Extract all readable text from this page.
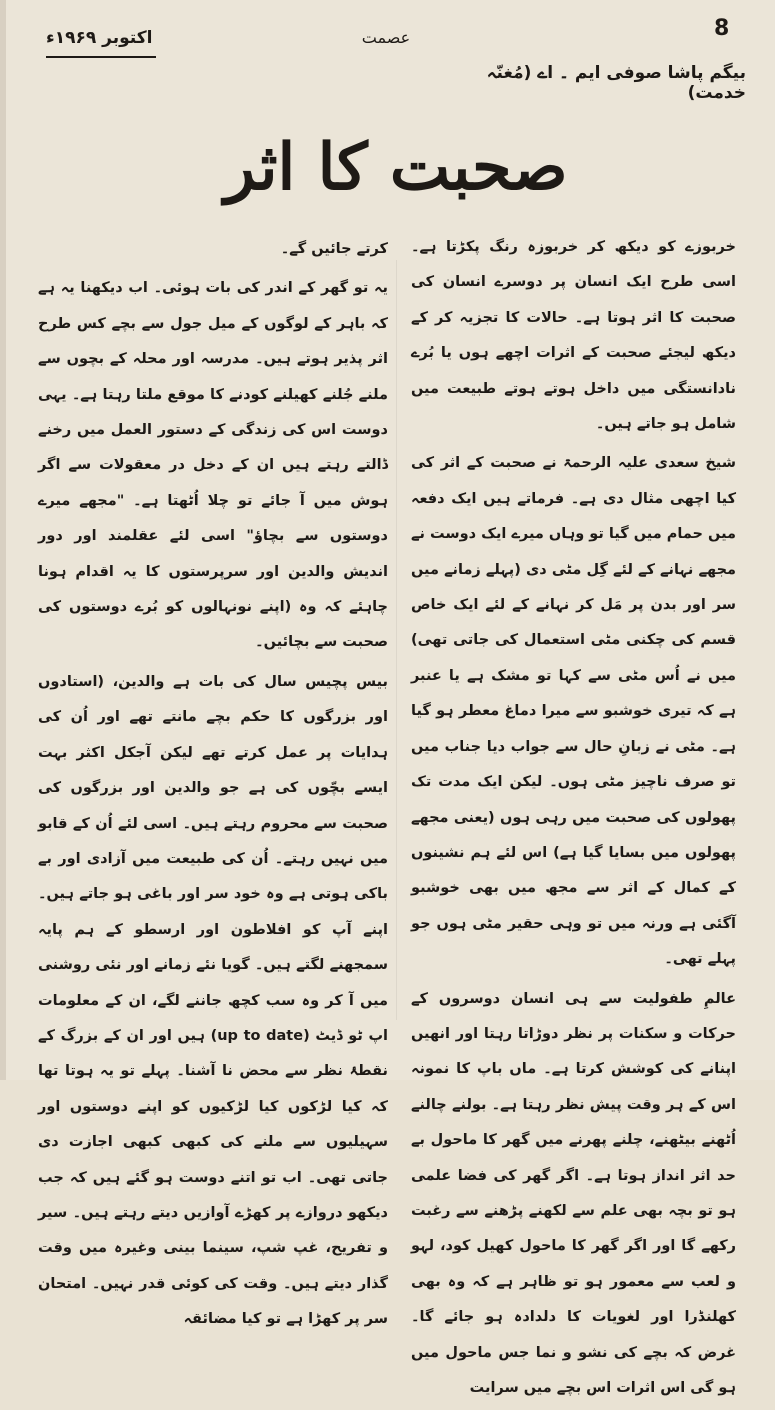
8
عصمت
اکتوبر ۱۹۶۹ء
بیگم پاشا صوفی ایم ۔ اے (مُغنّہ خدمت)
صحبت کا اثر

خربوزے کو دیکھ کر خربوزہ رنگ پکڑتا ہے۔ اسی طرح ایک انسان پر دوسرے انسان کی صحبت کا اثر ہوتا ہے۔ حالات کا تجزیہ کر کے دیکھ لیجئے صحبت کے اثرات اچھے ہوں یا بُرے نادانستگی میں داخل ہوتے ہوتے طبیعت میں شامل ہو جاتے ہیں۔

شیخ سعدی علیہ الرحمۃ نے صحبت کے اثر کی کیا اچھی مثال دی ہے۔ فرماتے ہیں ایک دفعہ میں حمام میں گیا تو وہاں میرے ایک دوست نے مجھے نہانے کے لئے گِل مٹی دی (پہلے زمانے میں سر اور بدن پر مَل کر نہانے کے لئے ایک خاص قسم کی چکنی مٹی استعمال کی جاتی تھی) میں نے اُس مٹی سے کہا تو مشک ہے یا عنبر ہے کہ تیری خوشبو سے میرا دماغ معطر ہو گیا ہے۔ مٹی نے زبانِ حال سے جواب دیا جناب میں تو صرف ناچیز مٹی ہوں۔ لیکن ایک مدت تک پھولوں کی صحبت میں رہی ہوں (یعنی مجھے پھولوں میں بسایا گیا ہے) اس لئے ہم نشینوں کے کمال کے اثر سے مجھ میں بھی خوشبو آگئی ہے ورنہ میں تو وہی حقیر مٹی ہوں جو پہلے تھی۔

عالمِ طفولیت سے ہی انسان دوسروں کے حرکات و سکنات پر نظر دوڑاتا رہتا اور انھیں اپنانے کی کوشش کرتا ہے۔ ماں باپ کا نمونہ اس کے ہر وقت پیش نظر رہتا ہے۔ بولنے چالنے اُٹھنے بیٹھنے، چلنے پھرنے میں گھر کا ماحول بے حد اثر انداز ہوتا ہے۔ اگر گھر کی فضا علمی ہو تو بچہ بھی علم سے لکھنے پڑھنے سے رغبت رکھے گا اور اگر گھر کا ماحول کھیل کود، لہو و لعب سے معمور ہو تو ظاہر ہے کہ وہ بھی کھلنڈرا اور لغویات کا دلدادہ ہو جائے گا۔ غرض کہ بچے کی نشو و نما جس ماحول میں ہو گی اس اثرات اس بچے میں سرایت

کرتے جائیں گے۔

یہ تو گھر کے اندر کی بات ہوئی۔ اب دیکھنا یہ ہے کہ باہر کے لوگوں کے میل جول سے بچے کس طرح اثر پذیر ہوتے ہیں۔ مدرسہ اور محلہ کے بچوں سے ملنے جُلنے کھیلنے کودنے کا موقع ملتا رہتا ہے۔ یہی دوست اس کی زندگی کے دستور العمل میں رخنے ڈالتے رہتے ہیں ان کے دخل در معقولات سے اگر ہوش میں آ جائے تو چلا اُٹھتا ہے۔ "مجھے میرے دوستوں سے بچاؤ" اسی لئے عقلمند اور دور اندیش والدین اور سرپرستوں کا یہ اقدام ہونا چاہئے کہ وہ (اپنے نونہالوں کو بُرے دوستوں کی صحبت سے بچائیں۔

بیس پچیس سال کی بات ہے والدین، (استادوں اور بزرگوں کا حکم بچے مانتے تھے اور اُن کی ہدایات پر عمل کرتے تھے لیکن آجکل اکثر بہت ایسے بچّوں کی ہے جو والدین اور بزرگوں کی صحبت سے محروم رہتے ہیں۔ اسی لئے اُن کے قابو میں نہیں رہتے۔ اُن کی طبیعت میں آزادی اور بے باکی ہوتی ہے وہ خود سر اور باغی ہو جاتے ہیں۔ اپنے آپ کو افلاطون اور ارسطو کے ہم پایہ سمجھنے لگتے ہیں۔ گویا نئے زمانے اور نئی روشنی میں آ کر وہ سب کچھ جاننے لگے، ان کے معلومات اپ ٹو ڈیٹ (up to date) ہیں اور ان کے بزرگ کے نقطۂ نظر سے محض نا آشنا۔ پہلے تو یہ ہوتا تھا کہ کیا لڑکوں کیا لڑکیوں کو اپنے دوستوں اور سہیلیوں سے ملنے کی کبھی کبھی اجازت دی جاتی تھی۔ اب تو اتنے دوست ہو گئے ہیں کہ جب دیکھو دروازے پر کھڑے آوازیں دیتے رہتے ہیں۔ سیر و تفریح، غپ شپ، سینما بینی وغیرہ میں وقت گذار دیتے ہیں۔ وقت کی کوئی قدر نہیں۔ امتحان سر پر کھڑا ہے تو کیا مضائقہ
